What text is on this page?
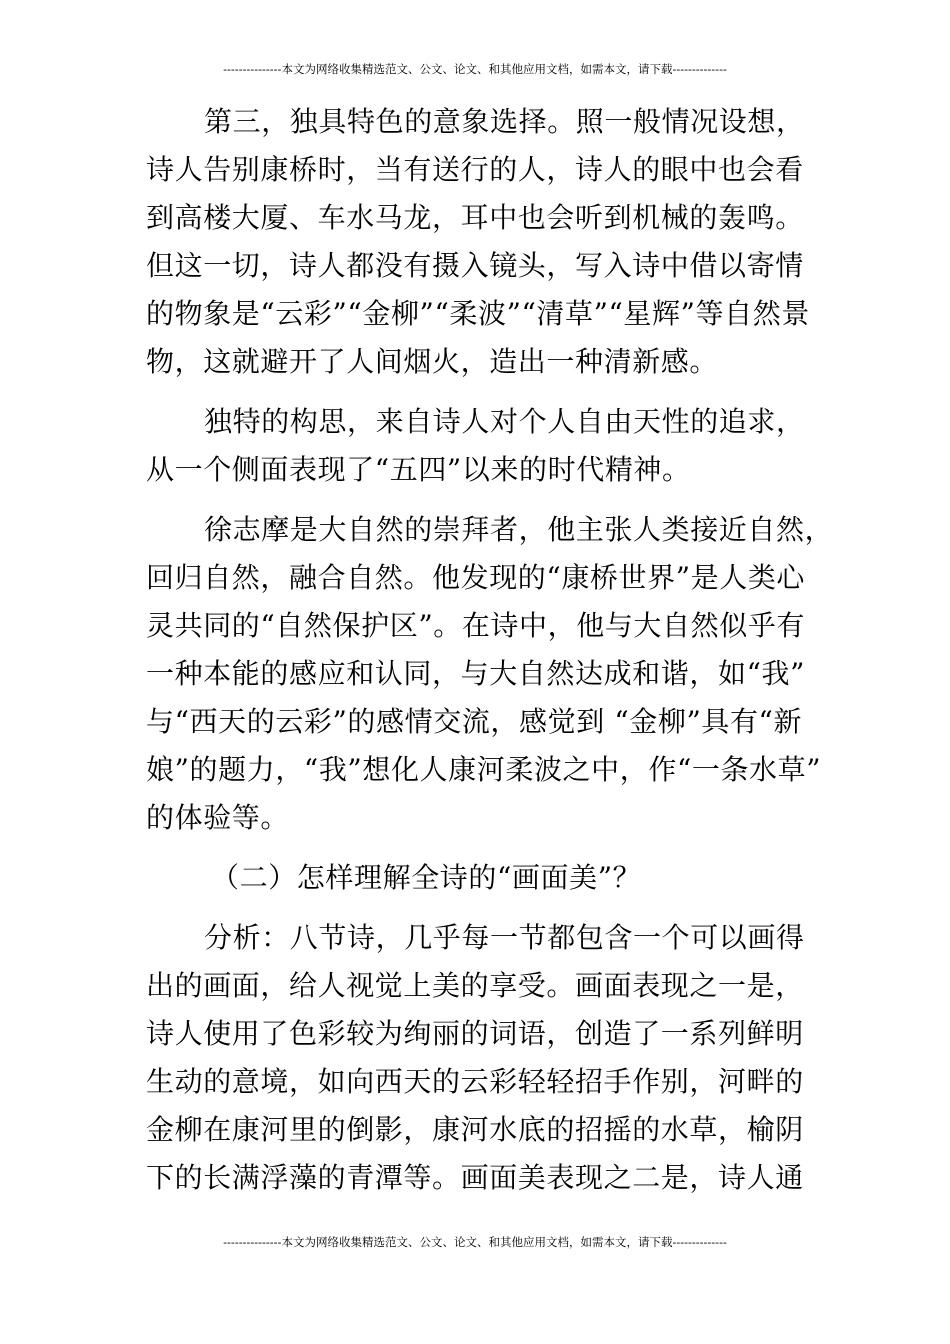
---------------本文为网络收集精选范文、公文、论文、和其他应用文档，如需本文，请下载--------------
第三，独具特色的意象选择。照一般情况设想，
诗人告别康桥时，当有送行的人，诗人的眼中也会看
到高楼大厦、车水马龙，耳中也会听到机械的轰鸣。
但这一切，诗人都没有摄入镜头，写入诗中借以寄情
的物象是“云彩”“金柳”“柔波”“清草”“星辉”等自然景
物，这就避开了人间烟火，造出一种清新感。
独特的构思，来自诗人对个人自由天性的追求，
从一个侧面表现了“五四”以来的时代精神。
徐志摩是大自然的崇拜者，他主张人类接近自然，
回归自然，融合自然。他发现的“康桥世界”是人类心
灵共同的“自然保护区”。在诗中，他与大自然似乎有
一种本能的感应和认同，与大自然达成和谐，如“我”
与“西天的云彩”的感情交流，感觉到 “金柳”具有“新
娘”的题力，“我”想化人康河柔波之中，作“一条水草”
的体验等。
（二）怎样理解全诗的“画面美”？
分析：八节诗，几乎每一节都包含一个可以画得
出的画面，给人视觉上美的享受。画面表现之一是，
诗人使用了色彩较为绚丽的词语，创造了一系列鲜明
生动的意境，如向西天的云彩轻轻招手作别，河畔的
金柳在康河里的倒影，康河水底的招摇的水草，榆阴
下的长满浮藻的青潭等。画面美表现之二是，诗人通
---------------本文为网络收集精选范文、公文、论文、和其他应用文档，如需本文，请下载--------------
